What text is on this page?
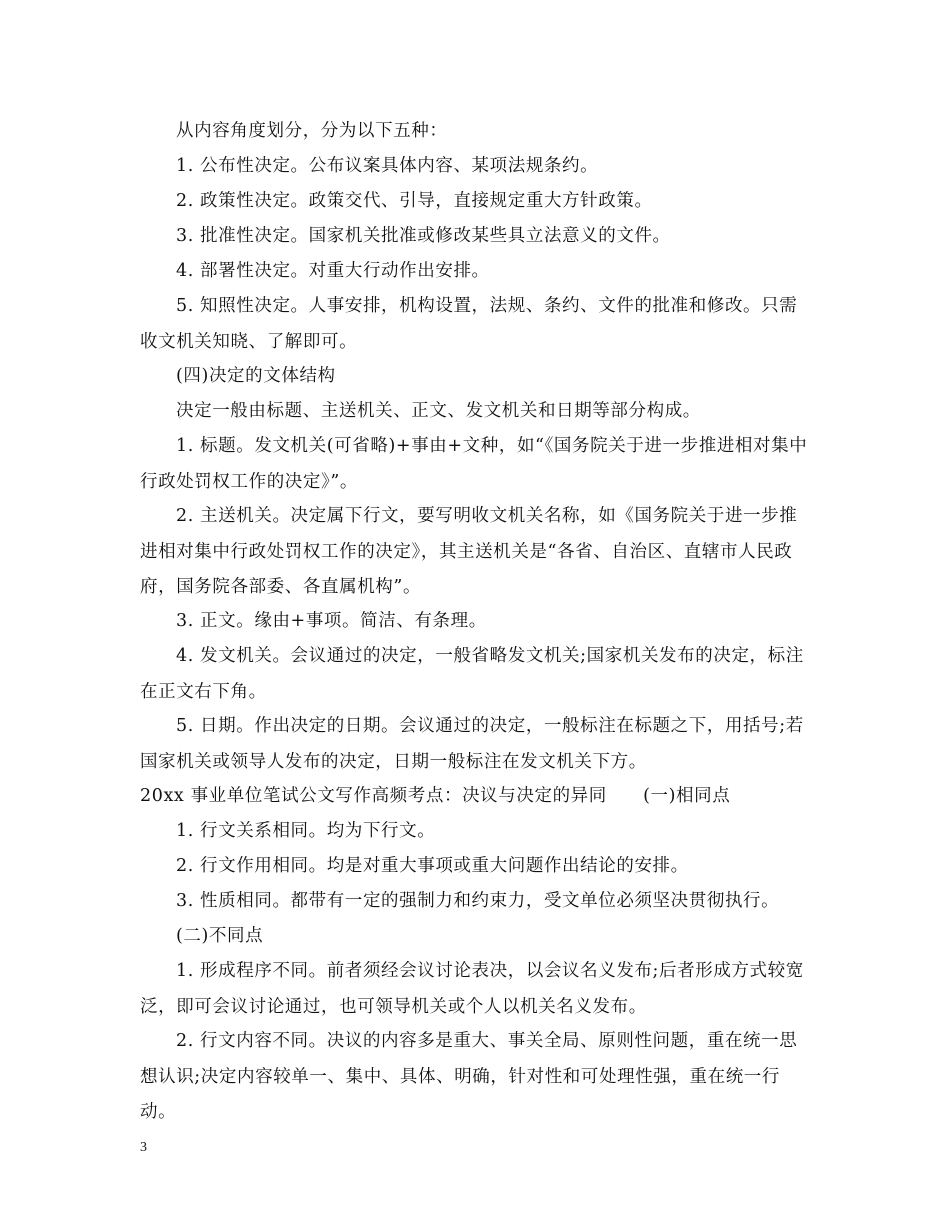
从内容角度划分，分为以下五种：

1. 公布性决定。公布议案具体内容、某项法规条约。

2. 政策性决定。政策交代、引导，直接规定重大方针政策。

3. 批准性决定。国家机关批准或修改某些具立法意义的文件。

4. 部署性决定。对重大行动作出安排。

5. 知照性决定。人事安排，机构设置，法规、条约、文件的批准和修改。只需收文机关知晓、了解即可。

(四)决定的文体结构

决定一般由标题、主送机关、正文、发文机关和日期等部分构成。

1. 标题。发文机关(可省略)+事由+文种，如“《国务院关于进一步推进相对集中行政处罚权工作的决定》”。

2. 主送机关。决定属下行文，要写明收文机关名称，如《国务院关于进一步推进相对集中行政处罚权工作的决定》，其主送机关是“各省、自治区、直辖市人民政府，国务院各部委、各直属机构”。

3. 正文。缘由+事项。简洁、有条理。

4. 发文机关。会议通过的决定，一般省略发文机关;国家机关发布的决定，标注在正文右下角。

5. 日期。作出决定的日期。会议通过的决定，一般标注在标题之下，用括号;若国家机关或领导人发布的决定，日期一般标注在发文机关下方。

20xx 事业单位笔试公文写作高频考点：决议与决定的异同　　(一)相同点

1. 行文关系相同。均为下行文。

2. 行文作用相同。均是对重大事项或重大问题作出结论的安排。

3. 性质相同。都带有一定的强制力和约束力，受文单位必须坚决贯彻执行。

(二)不同点

1. 形成程序不同。前者须经会议讨论表决，以会议名义发布;后者形成方式较宽泛，即可会议讨论通过，也可领导机关或个人以机关名义发布。

2. 行文内容不同。决议的内容多是重大、事关全局、原则性问题，重在统一思想认识;决定内容较单一、集中、具体、明确，针对性和可处理性强，重在统一行动。

3
